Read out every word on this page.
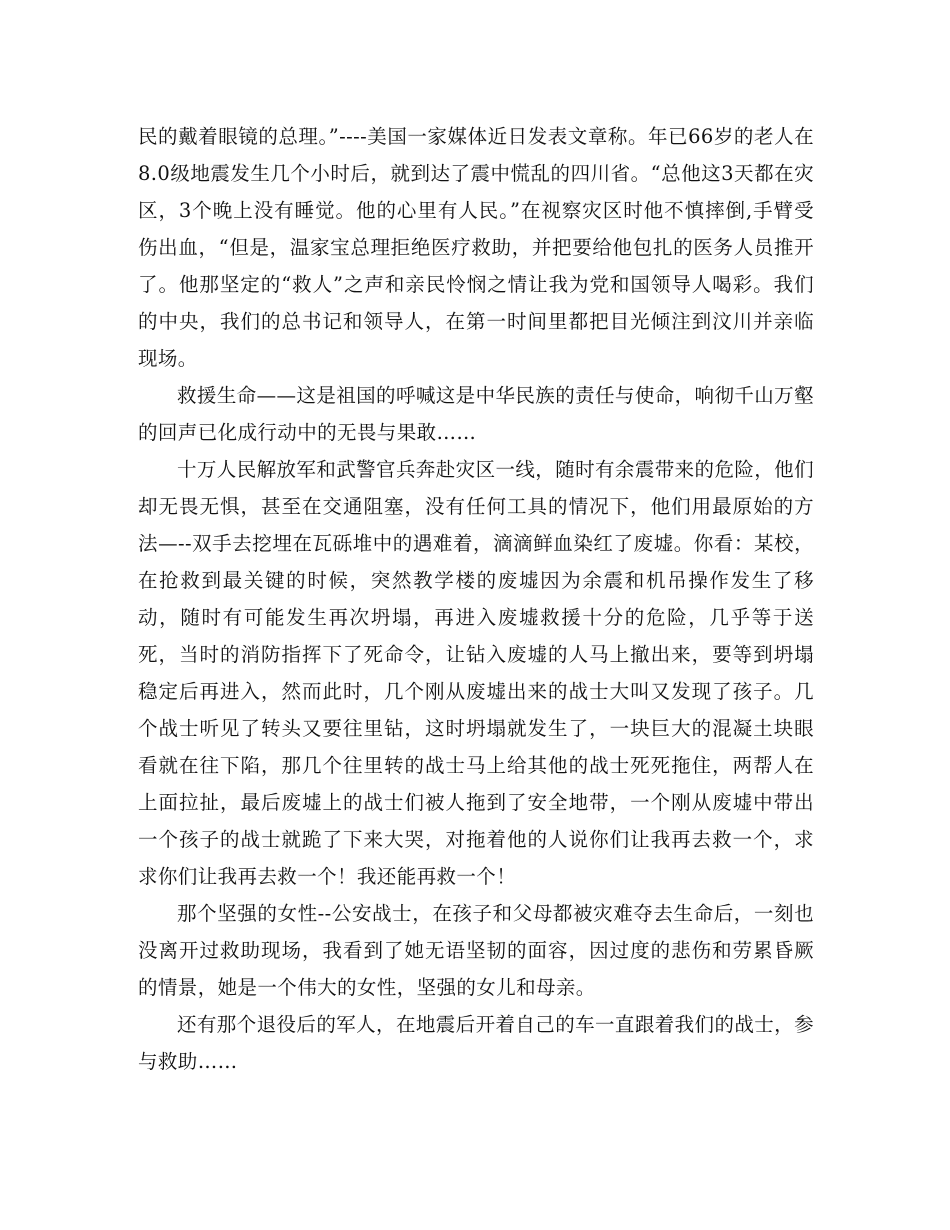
民的戴着眼镜的总理。”----美国一家媒体近日发表文章称。年已66岁的老人在8.0级地震发生几个小时后，就到达了震中慌乱的四川省。“总他这3天都在灾区，3个晚上没有睡觉。他的心里有人民。”在视察灾区时他不慎摔倒,手臂受伤出血，“但是，温家宝总理拒绝医疗救助，并把要给他包扎的医务人员推开了。他那坚定的“救人”之声和亲民怜悯之情让我为党和国领导人喝彩。我们的中央，我们的总书记和领导人，在第一时间里都把目光倾注到汶川并亲临现场。

救援生命——这是祖国的呼喊这是中华民族的责任与使命，响彻千山万壑的回声已化成行动中的无畏与果敢……

十万人民解放军和武警官兵奔赴灾区一线，随时有余震带来的危险，他们却无畏无惧，甚至在交通阻塞，没有任何工具的情况下，他们用最原始的方法—--双手去挖埋在瓦砾堆中的遇难着，滴滴鲜血染红了废墟。你看：某校，在抢救到最关键的时候，突然教学楼的废墟因为余震和机吊操作发生了移动，随时有可能发生再次坍塌，再进入废墟救援十分的危险，几乎等于送死，当时的消防指挥下了死命令，让钻入废墟的人马上撤出来，要等到坍塌稳定后再进入，然而此时，几个刚从废墟出来的战士大叫又发现了孩子。几个战士听见了转头又要往里钻，这时坍塌就发生了，一块巨大的混凝土块眼看就在往下陷，那几个往里转的战士马上给其他的战士死死拖住，两帮人在上面拉扯，最后废墟上的战士们被人拖到了安全地带，一个刚从废墟中带出一个孩子的战士就跪了下来大哭，对拖着他的人说你们让我再去救一个，求求你们让我再去救一个！我还能再救一个！

那个坚强的女性--公安战士，在孩子和父母都被灾难夺去生命后，一刻也没离开过救助现场，我看到了她无语坚韧的面容，因过度的悲伤和劳累昏厥的情景，她是一个伟大的女性，坚强的女儿和母亲。

还有那个退役后的军人，在地震后开着自己的车一直跟着我们的战士，参与救助……
